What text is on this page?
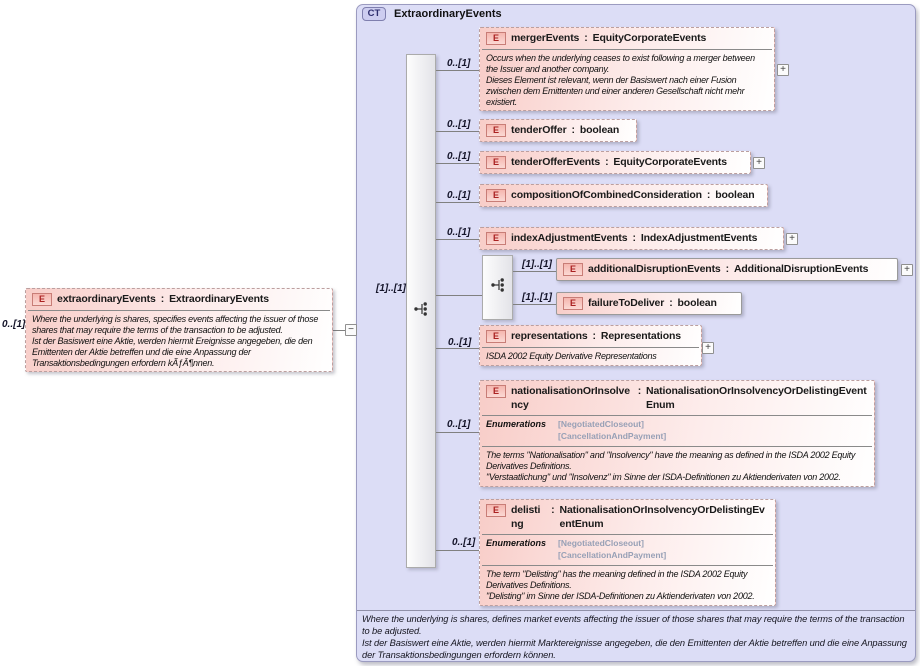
CT	ExtraordinaryEvents
0..[1]	−
E	extraordinaryEvents : ExtraordinaryEvents
Where the underlying is shares, specifies events affecting the issuer of those shares that may require the terms of the transaction to be adjusted.
Ist der Basiswert eine Aktie, werden hiermit Ereignisse angegeben, die den Emittenten der Aktie betreffen und die eine Anpassung der Transaktionsbedingungen erfordern kÃƒÂ¶nnen.
0..[1]
E	mergerEvents : EquityCorporateEvents
Occurs when the underlying ceases to exist following a merger between the Issuer and another company.
Dieses Element ist relevant, wenn der Basiswert nach einer Fusion zwischen dem Emittenten und einer anderen Gesellschaft nicht mehr existiert.
+
0..[1]	E	tenderOffer : boolean
0..[1]	E	tenderOfferEvents : EquityCorporateEvents	+
0..[1]	E	compositionOfCombinedConsideration : boolean
0..[1]	E	indexAdjustmentEvents : IndexAdjustmentEvents	+
[1]..[1]
[1]..[1]	E	additionalDisruptionEvents : AdditionalDisruptionEvents	+
[1]..[1]	E	failureToDeliver : boolean
0..[1]
E	representations : Representations
ISDA 2002 Equity Derivative Representations
+
0..[1]
E	nationalisationOrInsolvency
: NationalisationOrInsolvencyOrDelistingEventEnum
Enumerations [NegotiatedCloseout]
[CancellationAndPayment]
The terms "Nationalisation" and "Insolvency" have the meaning as defined in the ISDA 2002 Equity Derivatives Definitions.
"Verstaatlichung" und "Insolvenz" im Sinne der ISDA-Definitionen zu Aktienderivaten von 2002.
0..[1]
E	delisting
: NationalisationOrInsolvencyOrDelistingEventEnum
Enumerations [NegotiatedCloseout]
[CancellationAndPayment]
The term "Delisting" has the meaning defined in the ISDA 2002 Equity Derivatives Definitions.
"Delisting" im Sinne der ISDA-Definitionen zu Aktienderivaten von 2002.
Where the underlying is shares, defines market events affecting the issuer of those shares that may require the terms of the transaction to be adjusted.
Ist der Basiswert eine Aktie, werden hiermit Marktereignisse angegeben, die den Emittenten der Aktie betreffen und die eine Anpassung der Transaktionsbedingungen erfordern können.
